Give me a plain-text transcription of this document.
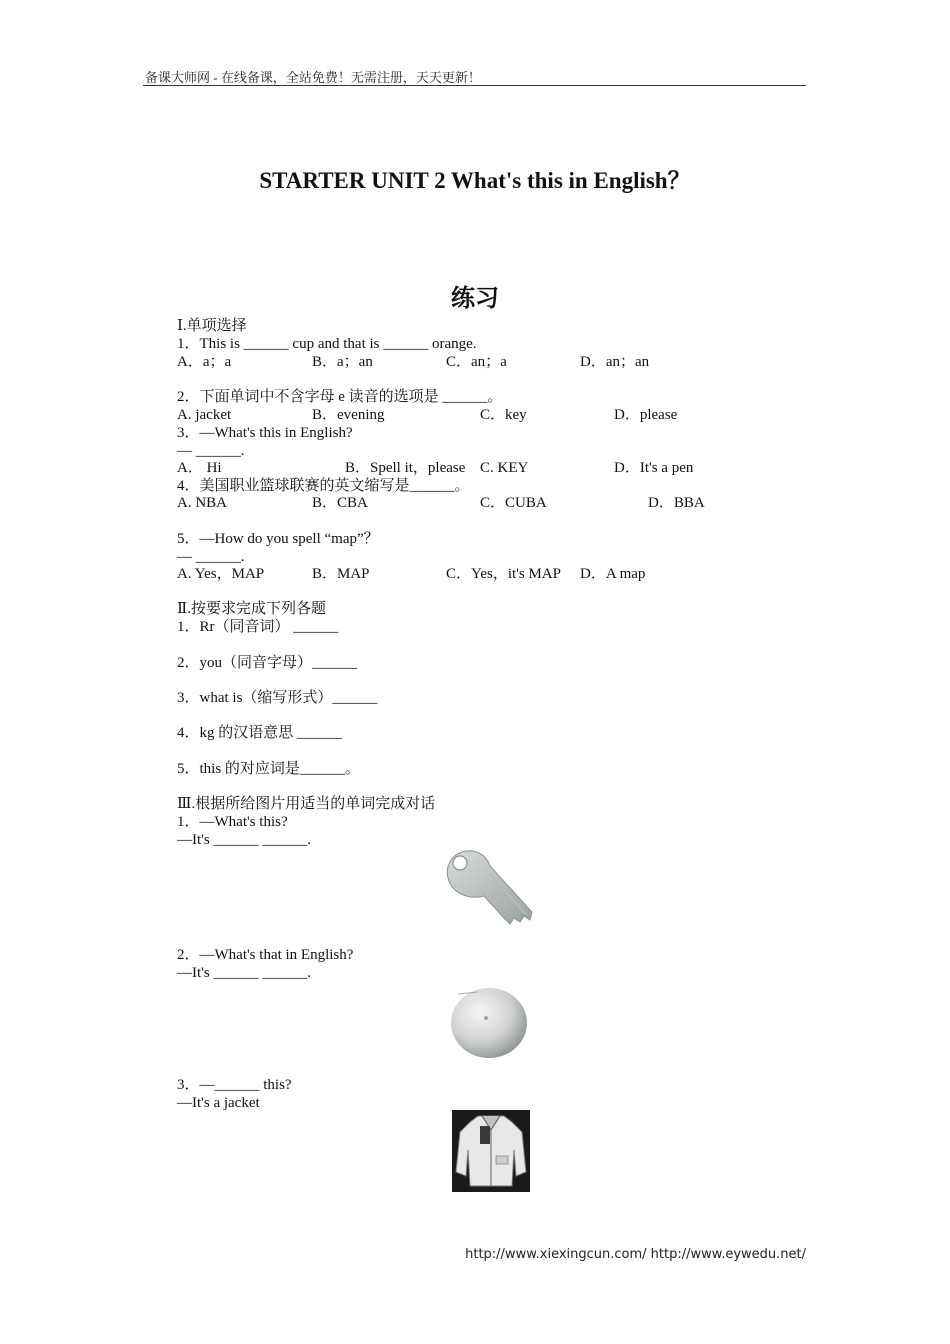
备课大师网 - 在线备课，全站免费！无需注册，天天更新！
STARTER UNIT 2 What's this in English？
练习
Ⅰ.单项选择
1．This is ______ cup and that is ______ orange.
A．a；a	B．a；an	C．an；a	D．an；an
2．下面单词中不含字母 e 读音的选项是 ______。
A. jacket	B．evening	C．key	D．please
3．—What's this in English?
— ______.
A． Hi	B．Spell it，please C. KEY	D．It's a pen
4．美国职业篮球联赛的英文缩写是______。
A. NBA	B．CBA	C．CUBA	D．BBA
5．—How do you spell “map”？
— ______.
A. Yes，MAP	B．MAP	C．Yes，it's MAP D．A map
Ⅱ.按要求完成下列各题
1．Rr（同音词） ______
2．you（同音字母）______
3．what is（缩写形式）______
4．kg 的汉语意思 ______
5．this 的对应词是______。
Ⅲ.根据所给图片用适当的单词完成对话
1．—What's this?
—It's ______ ______.
2．—What's that in English?
—It's ______ ______.
3．—______ this?
—It's a jacket
http://www.xiexingcun.com/ http://www.eywedu.net/
